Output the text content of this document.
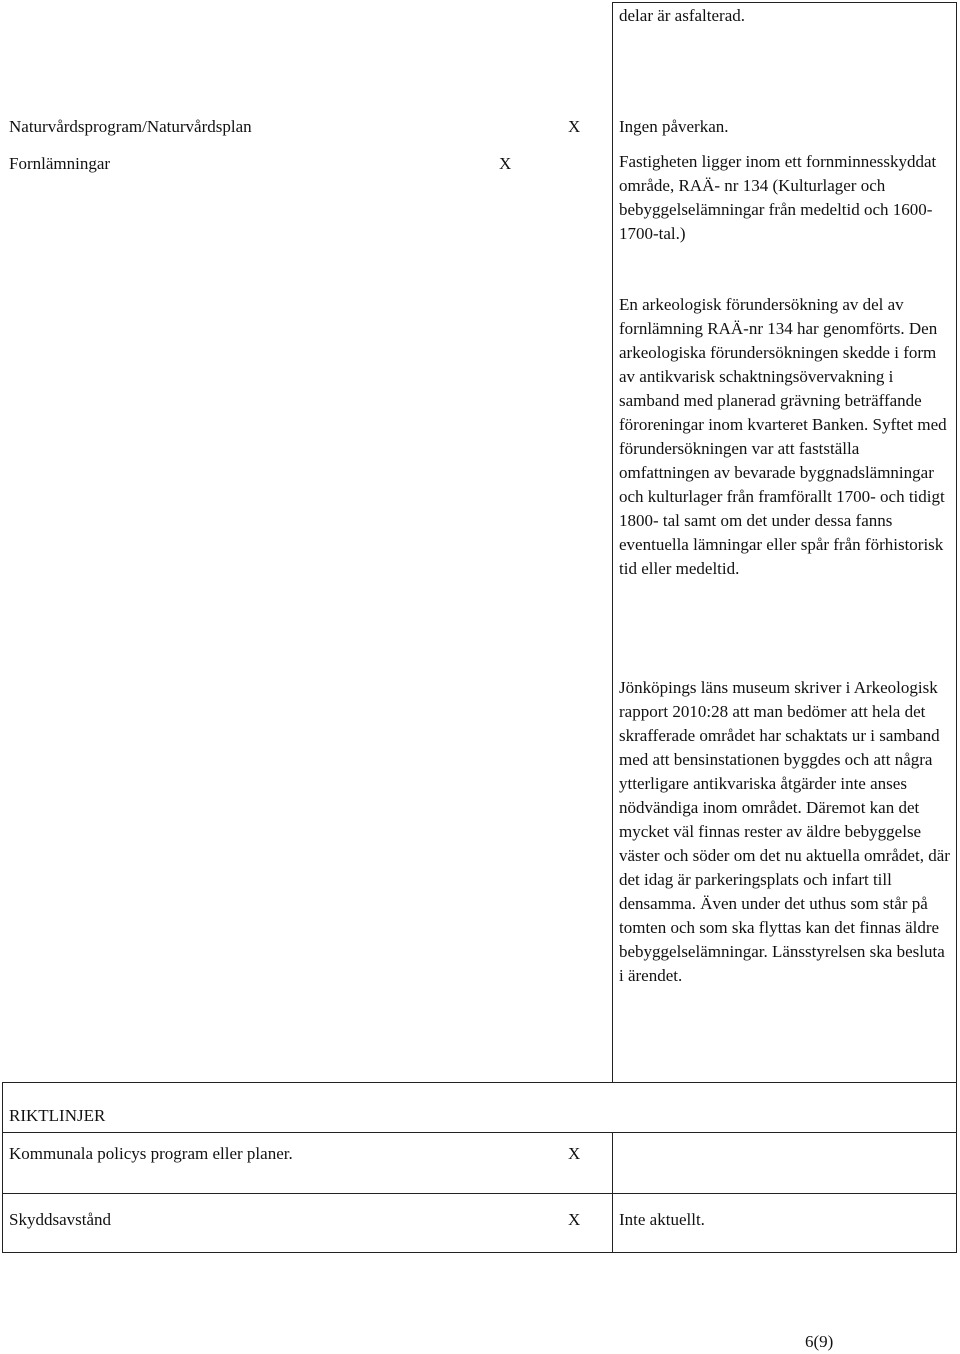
delar är asfalterad.
Naturvårdsprogram/Naturvårdsplan	X Ingen påverkan.
Fornlämningar	X	Fastigheten ligger inom ett fornminnesskyddat område, RAÄ- nr 134 (Kulturlager och bebyggelselämningar från medeltid och 1600-1700-tal.)

En arkeologisk förundersökning av del av fornlämning RAÄ-nr 134 har genomförts. Den arkeologiska förundersökningen skedde i form av antikvarisk schaktningsövervakning i samband med planerad grävning beträffande föroreningar inom kvarteret Banken. Syftet med förundersökningen var att fastställa omfattningen av bevarade byggnadslämningar och kulturlager från framförallt 1700- och tidigt 1800- tal samt om det under dessa fanns eventuella lämningar eller spår från förhistorisk tid eller medeltid.

Jönköpings läns museum skriver i Arkeologisk rapport 2010:28 att man bedömer att hela det skrafferade området har schaktats ur i samband med att bensinstationen byggdes och att några ytterligare antikvariska åtgärder inte anses nödvändiga inom området. Däremot kan det mycket väl finnas rester av äldre bebyggelse väster och söder om det nu aktuella området, där det idag är parkeringsplats och infart till densamma. Även under det uthus som står på tomten och som ska flyttas kan det finnas äldre bebyggelselämningar. Länsstyrelsen ska besluta i ärendet.

RIKTLINJER
Kommunala policys program eller planer.	X
Skyddsavstånd	X Inte aktuellt.
6(9)
